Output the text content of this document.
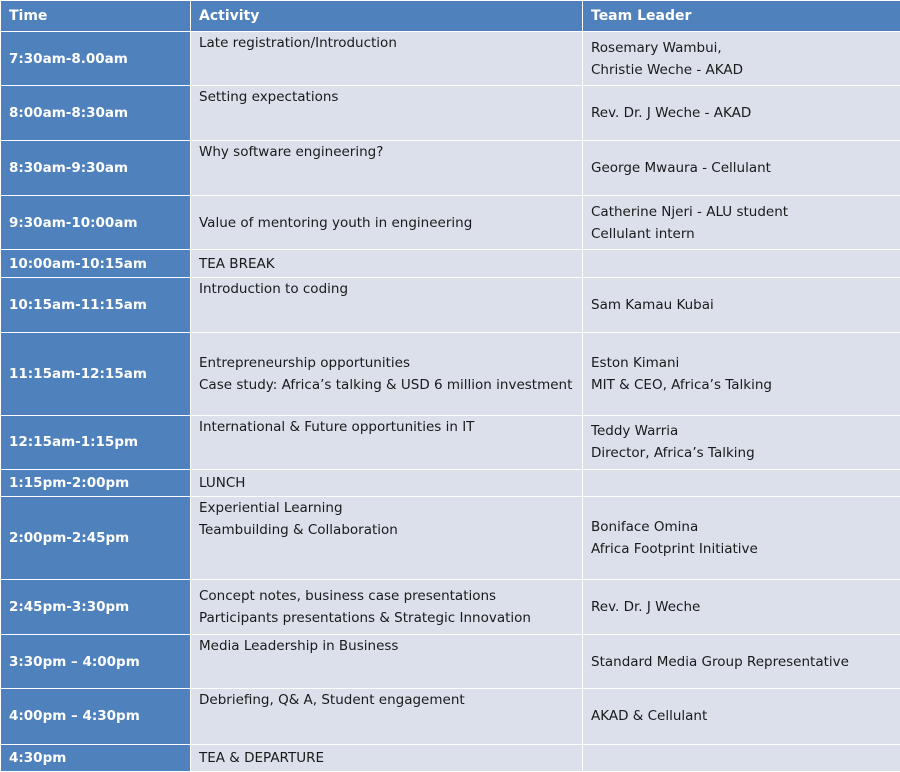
Time	Activity	Team Leader
7:30am-8.00am	Late registration/Introduction	Rosemary Wambui,
Christie Weche - AKAD

8:00am-8:30am	Setting expectations	Rev. Dr. J Weche - AKAD

8:30am-9:30am	Why software engineering?	George Mwaura - Cellulant

9:30am-10:00am	Value of mentoring youth in engineering	Catherine Njeri - ALU student
Cellulant intern

10:00am-10:15am	TEA BREAK	

10:15am-11:15am	Introduction to coding	Sam Kamau Kubai

11:15am-12:15am	Entrepreneurship opportunities
Case study: Africa’s talking & USD 6 million investment	Eston Kimani
MIT & CEO, Africa’s Talking

12:15am-1:15pm	International & Future opportunities in IT	Teddy Warria
Director, Africa’s Talking

1:15pm-2:00pm	LUNCH	

2:00pm-2:45pm	Experiential Learning
Teambuilding & Collaboration	Boniface Omina
Africa Footprint Initiative

2:45pm-3:30pm	Concept notes, business case presentations
Participants presentations & Strategic Innovation	Rev. Dr. J Weche

3:30pm – 4:00pm	Media Leadership in Business	Standard Media Group Representative

4:00pm – 4:30pm	Debriefing, Q& A, Student engagement	AKAD & Cellulant

4:30pm	TEA & DEPARTURE	
